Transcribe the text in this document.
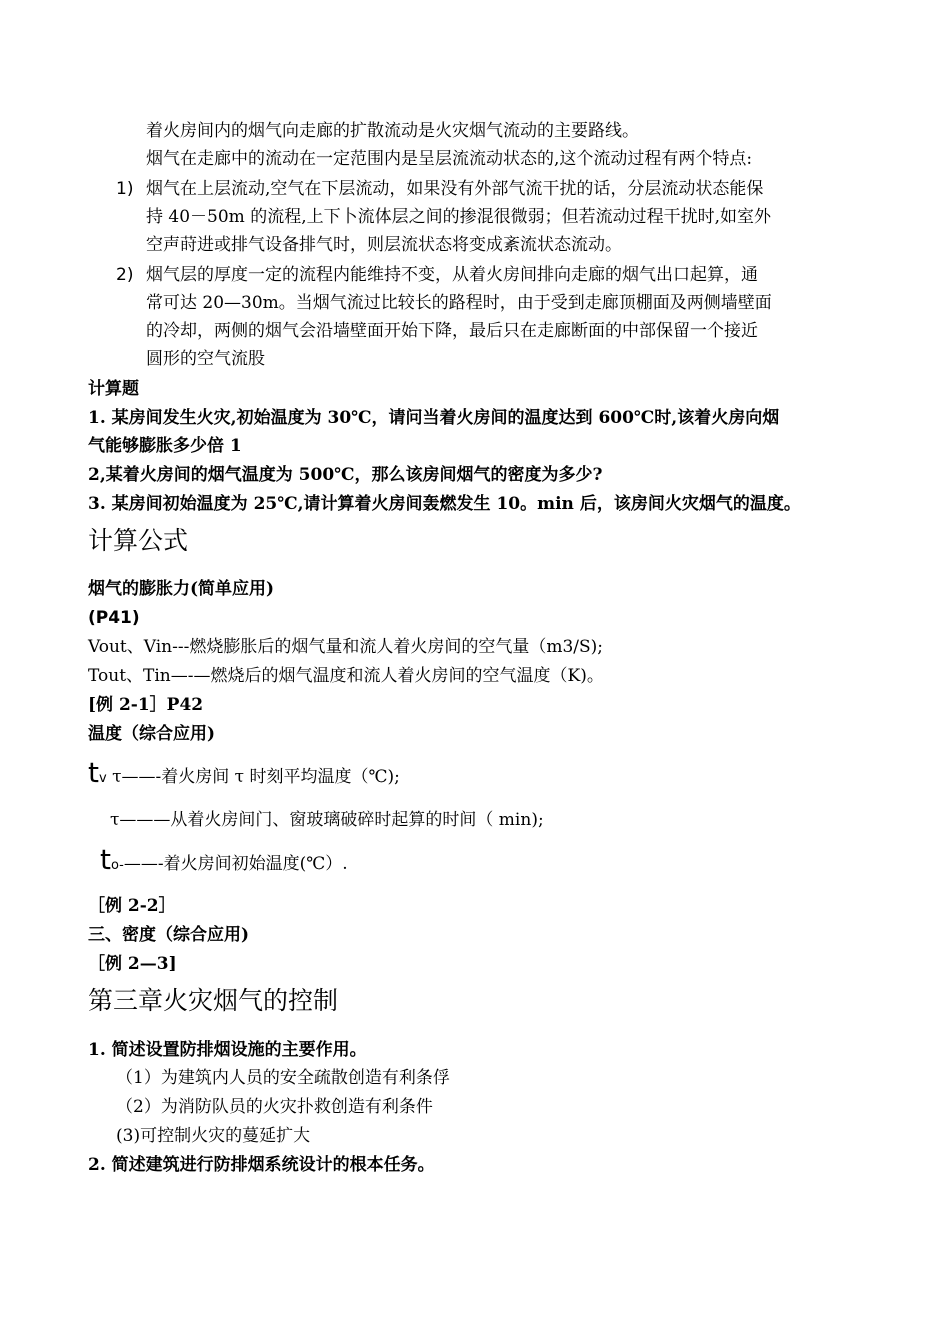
着火房间内的烟气向走廊的扩散流动是火灾烟气流动的主要路线。
烟气在走廊中的流动在一定范围内是呈层流流动状态的,这个流动过程有两个特点:
1) 烟气在上层流动,空气在下层流动，如果没有外部气流干扰的话，分层流动状态能保
持 40－50m 的流程,上下卜流体层之间的掺混很微弱；但若流动过程干扰时,如室外
空声莳进或排气设备排气时，则层流状态将变成紊流状态流动。
2) 烟气层的厚度一定的流程内能维持不变，从着火房间排向走廊的烟气出口起算，通
常可达 20—30m。当烟气流过比较长的路程时，由于受到走廊顶棚面及两侧墙壁面
的冷却，两侧的烟气会沿墙壁面开始下降，最后只在走廊断面的中部保留一个接近
圆形的空气流股
计算题
1. 某房间发生火灾,初始温度为 30℃，请问当着火房间的温度达到 600℃时,该着火房向烟
气能够膨胀多少倍 1
2,某着火房间的烟气温度为 500℃，那么该房间烟气的密度为多少?
3. 某房间初始温度为 25℃,请计算着火房间轰燃发生 10。min 后，该房间火灾烟气的温度。
计算公式
烟气的膨胀力(简单应用)
(P41)
Vout、Vin---燃烧膨胀后的烟气量和流人着火房间的空气量（m3∕S);
Tout、Tin—-—燃烧后的烟气温度和流人着火房间的空气温度（K)。
[例 2-1］P42
温度（综合应用)
tv τ——-着火房间 τ 时刻平均温度（℃);
τ———从着火房间门、窗玻璃破碎时起算的时间（ min);
to-——-着火房间初始温度(℃）.
［例 2-2］
三、密度（综合应用)
［例 2—3]
第三章火灾烟气的控制
1. 简述设置防排烟设施的主要作用。
（1）为建筑内人员的安全疏散创造有利条俘
（2）为消防队员的火灾扑救创造有利条件
(3)可控制火灾的蔓延扩大
2. 简述建筑进行防排烟系统设计的根本任务。
